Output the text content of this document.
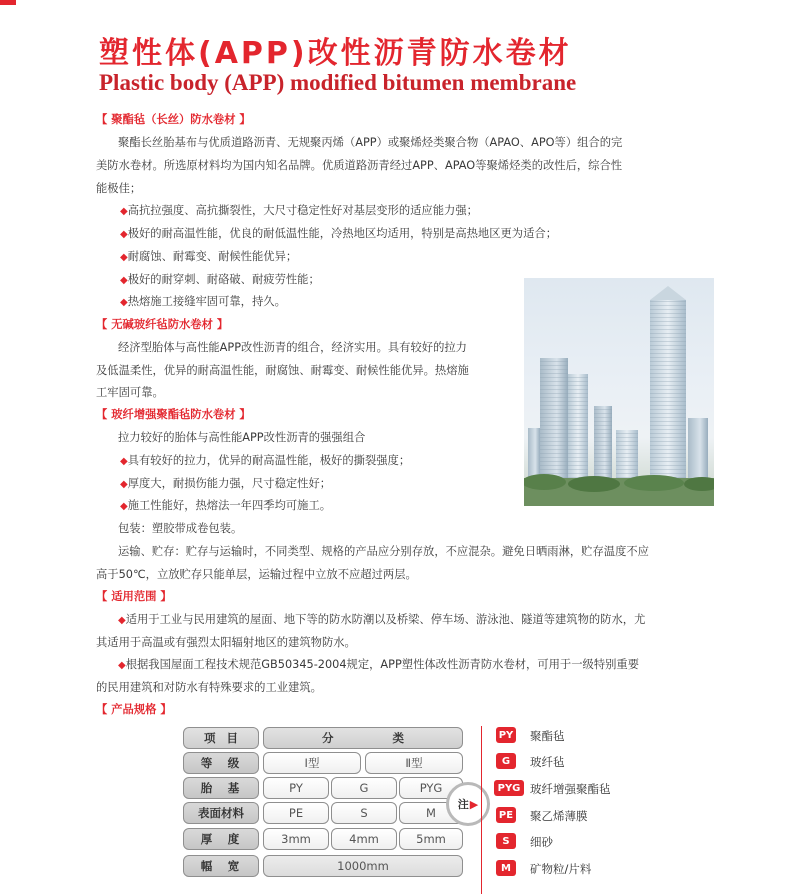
塑性体(APP)改性沥青防水卷材
Plastic body (APP) modified bitumen membrane
【 聚酯毡（长丝）防水卷材 】
聚酯长丝胎基布与优质道路沥青、无规聚丙烯（APP）或聚烯烃类聚合物（APAO、APO等）组合的完
美防水卷材。所选原材料均为国内知名品牌。优质道路沥青经过APP、APAO等聚烯烃类的改性后，综合性
能极佳；
◆高抗拉强度、高抗撕裂性，大尺寸稳定性好对基层变形的适应能力强；
◆极好的耐高温性能，优良的耐低温性能，冷热地区均适用，特别是高热地区更为适合；
◆耐腐蚀、耐霉变、耐候性能优异；
◆极好的耐穿刺、耐硌破、耐疲劳性能；
◆热熔施工接缝牢固可靠，持久。
【 无碱玻纤毡防水卷材 】
经济型胎体与高性能APP改性沥青的组合，经济实用。具有较好的拉力
及低温柔性，优异的耐高温性能，耐腐蚀、耐霉变、耐候性能优异。热熔施
工牢固可靠。
【 玻纤增强聚酯毡防水卷材 】
拉力较好的胎体与高性能APP改性沥青的强强组合
◆具有较好的拉力，优异的耐高温性能，极好的撕裂强度；
◆厚度大，耐损伤能力强，尺寸稳定性好；
◆施工性能好，热熔法一年四季均可施工。
包装：塑胶带成卷包装。
运输、贮存：贮存与运输时，不同类型、规格的产品应分别存放，不应混杂。避免日晒雨淋，贮存温度不应
高于50℃，立放贮存只能单层，运输过程中立放不应超过两层。
【 适用范围 】
◆适用于工业与民用建筑的屋面、地下等的防水防潮以及桥梁、停车场、游泳池、隧道等建筑物的防水，尤
其适用于高温或有强烈太阳辐射地区的建筑物防水。
◆根据我国屋面工程技术规范GB50345-2004规定，APP塑性体改性沥青防水卷材，可用于一级特别重要
的民用建筑和对防水有特殊要求的工业建筑。
【 产品规格 】
项 目	分	类
等　级	Ⅰ型	Ⅱ型
胎　基	PY	G	PYG
表面材料	PE	S	M
厚　度	3mm	4mm	5mm
幅　宽	1000mm
注 ▶
PY 聚酯毡
G	玻纤毡
PYG 玻纤增强聚酯毡
PE 聚乙烯薄膜
S	细砂
M	矿物粒/片料
